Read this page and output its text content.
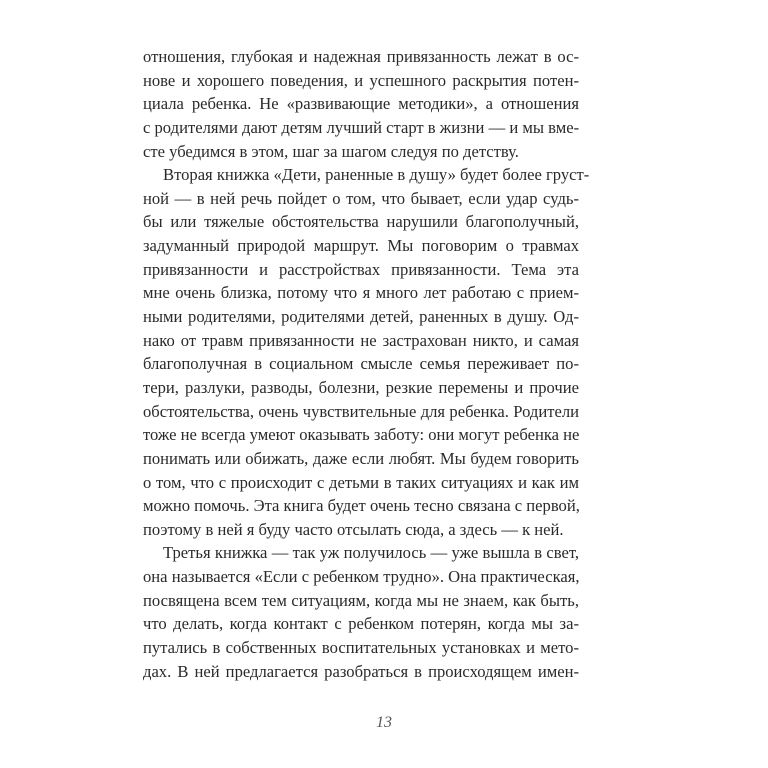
отношения, глубокая и надежная привязанность лежат в ос-
нове и хорошего поведения, и успешного раскрытия потен-
циала ребенка. Не «развивающие методики», а отношения
с родителями дают детям лучший старт в жизни — и мы вме-
сте убедимся в этом, шаг за шагом следуя по детству.
Вторая книжка «Дети, раненные в душу» будет более груст-
ной — в ней речь пойдет о том, что бывает, если удар судь-
бы или тяжелые обстоятельства нарушили благополучный,
задуманный природой маршрут. Мы поговорим о травмах
привязанности и расстройствах привязанности. Тема эта
мне очень близка, потому что я много лет работаю с прием-
ными родителями, родителями детей, раненных в душу. Од-
нако от травм привязанности не застрахован никто, и самая
благополучная в социальном смысле семья переживает по-
тери, разлуки, разводы, болезни, резкие перемены и прочие
обстоятельства, очень чувствительные для ребенка. Родители
тоже не всегда умеют оказывать заботу: они могут ребенка не
понимать или обижать, даже если любят. Мы будем говорить
о том, что с происходит с детьми в таких ситуациях и как им
можно помочь. Эта книга будет очень тесно связана с первой,
поэтому в ней я буду часто отсылать сюда, а здесь — к ней.
Третья книжка — так уж получилось — уже вышла в свет,
она называется «Если с ребенком трудно». Она практическая,
посвящена всем тем ситуациям, когда мы не знаем, как быть,
что делать, когда контакт с ребенком потерян, когда мы за-
путались в собственных воспитательных установках и мето-
дах. В ней предлагается разобраться в происходящем имен-
13
